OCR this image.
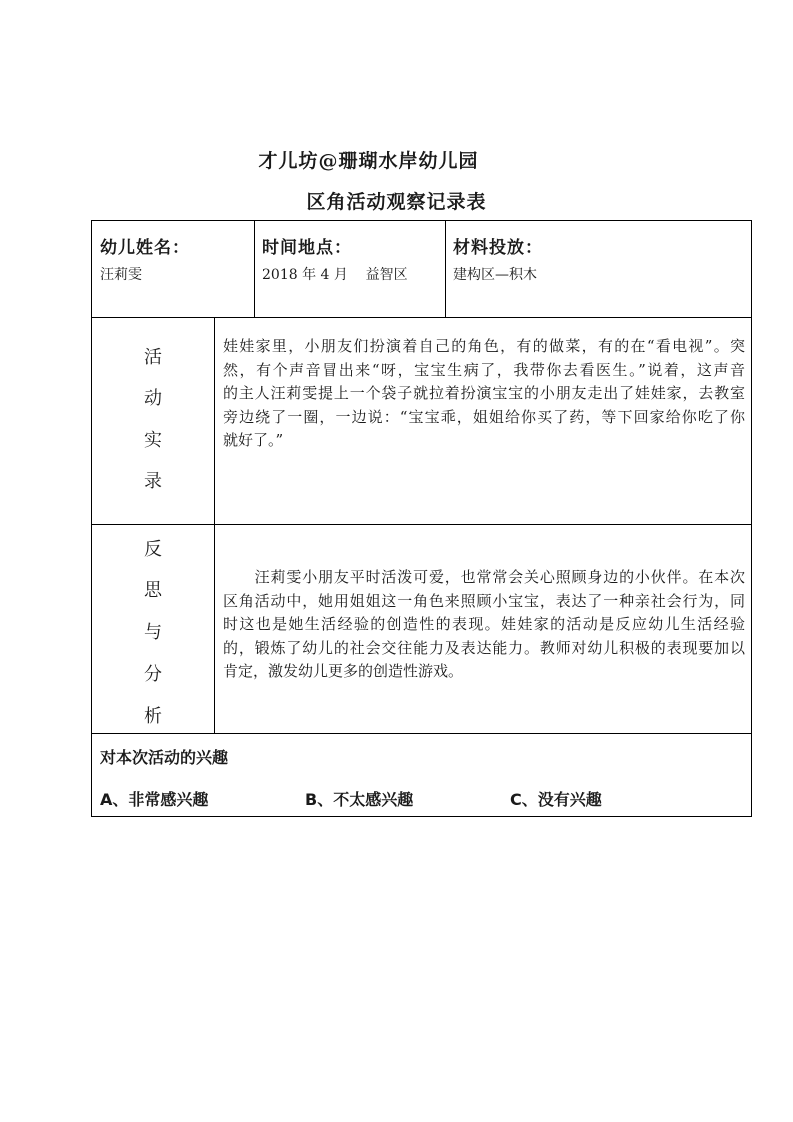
才儿坊@珊瑚水岸幼儿园
区角活动观察记录表
幼儿姓名：
汪莉雯
时间地点：
2018 年 4 月    益智区
材料投放：
建构区—积木
活
动
实
录

娃娃家里，小朋友们扮演着自己的角色，有的做菜，有的在“看电视”。突
然，有个声音冒出来“呀，宝宝生病了，我带你去看医生。”说着，这声音
的主人汪莉雯提上一个袋子就拉着扮演宝宝的小朋友走出了娃娃家，去教室
旁边绕了一圈，一边说：“宝宝乖，姐姐给你买了药，等下回家给你吃了你
就好了。”

反
思
与
分
析

　　汪莉雯小朋友平时活泼可爱，也常常会关心照顾身边的小伙伴。在本次
区角活动中，她用姐姐这一角色来照顾小宝宝，表达了一种亲社会行为，同
时这也是她生活经验的创造性的表现。娃娃家的活动是反应幼儿生活经验
的，锻炼了幼儿的社会交往能力及表达能力。教师对幼儿积极的表现要加以
肯定，激发幼儿更多的创造性游戏。

对本次活动的兴趣
A、非常感兴趣	B、不太感兴趣	C、没有兴趣
